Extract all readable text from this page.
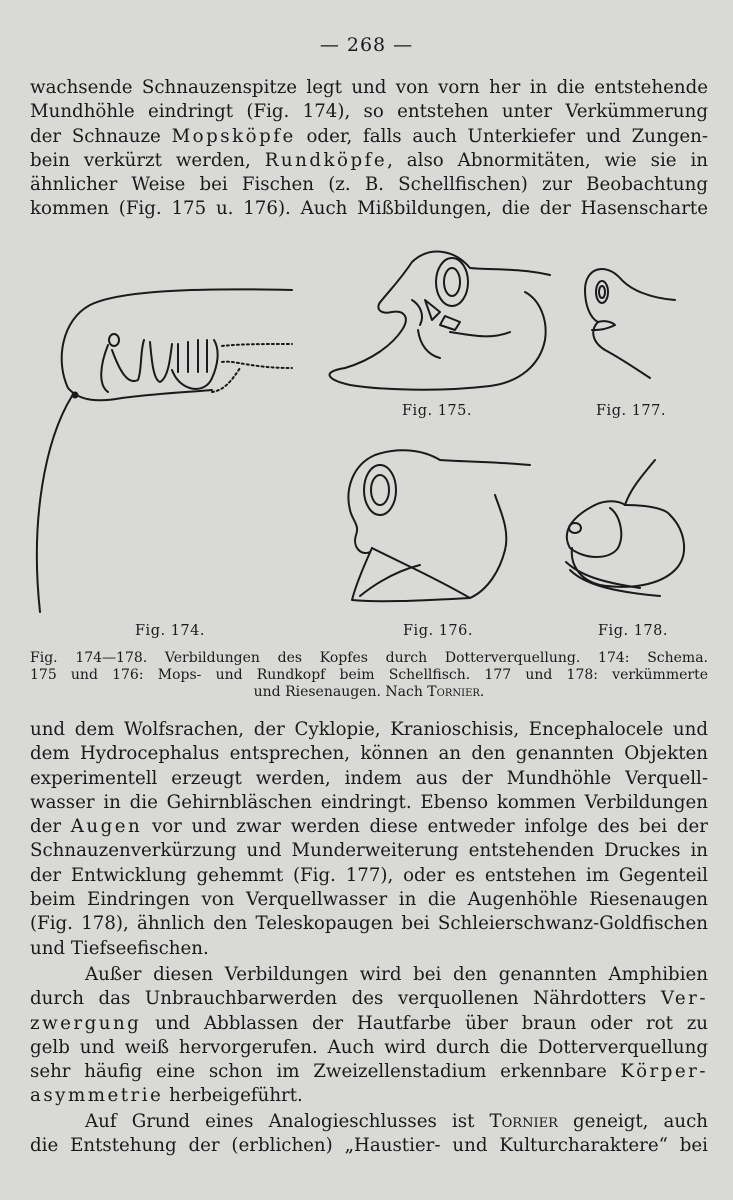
— 268 —
wachsende Schnauzenspitze legt und von vorn her in die entstehende
Mundhöhle eindringt (Fig. 174), so entstehen unter Verkümmerung
der Schnauze Mopsköpfe oder, falls auch Unterkiefer und Zungen-
bein verkürzt werden, Rundköpfe, also Abnormitäten, wie sie in
ähnlicher Weise bei Fischen (z. B. Schellfischen) zur Beobachtung
kommen (Fig. 175 u. 176). Auch Mißbildungen, die der Hasenscharte
Fig. 174.
Fig. 175.	Fig. 177.
Fig. 176.	Fig. 178.
Fig. 174—178. Verbildungen des Kopfes durch Dotterverquellung. 174: Schema.
175 und 176: Mops- und Rundkopf beim Schellfisch. 177 und 178: verkümmerte
und Riesenaugen. Nach Tornier.
und dem Wolfsrachen, der Cyklopie, Kranioschisis, Encephalocele und
dem Hydrocephalus entsprechen, können an den genannten Objekten
experimentell erzeugt werden, indem aus der Mundhöhle Verquell-
wasser in die Gehirnbläschen eindringt. Ebenso kommen Verbildungen
der Augen vor und zwar werden diese entweder infolge des bei der
Schnauzenverkürzung und Munderweiterung entstehenden Druckes in
der Entwicklung gehemmt (Fig. 177), oder es entstehen im Gegenteil
beim Eindringen von Verquellwasser in die Augenhöhle Riesenaugen
(Fig. 178), ähnlich den Teleskopaugen bei Schleierschwanz-Goldfischen
und Tiefseefischen.
Außer diesen Verbildungen wird bei den genannten Amphibien
durch das Unbrauchbarwerden des verquollenen Nährdotters Ver-
zwergung und Abblassen der Hautfarbe über braun oder rot zu
gelb und weiß hervorgerufen. Auch wird durch die Dotterverquellung
sehr häufig eine schon im Zweizellenstadium erkennbare Körper-
asymmetrie herbeigeführt.
Auf Grund eines Analogieschlusses ist Tornier geneigt, auch
die Entstehung der (erblichen) „Haustier- und Kulturcharaktere“ bei
